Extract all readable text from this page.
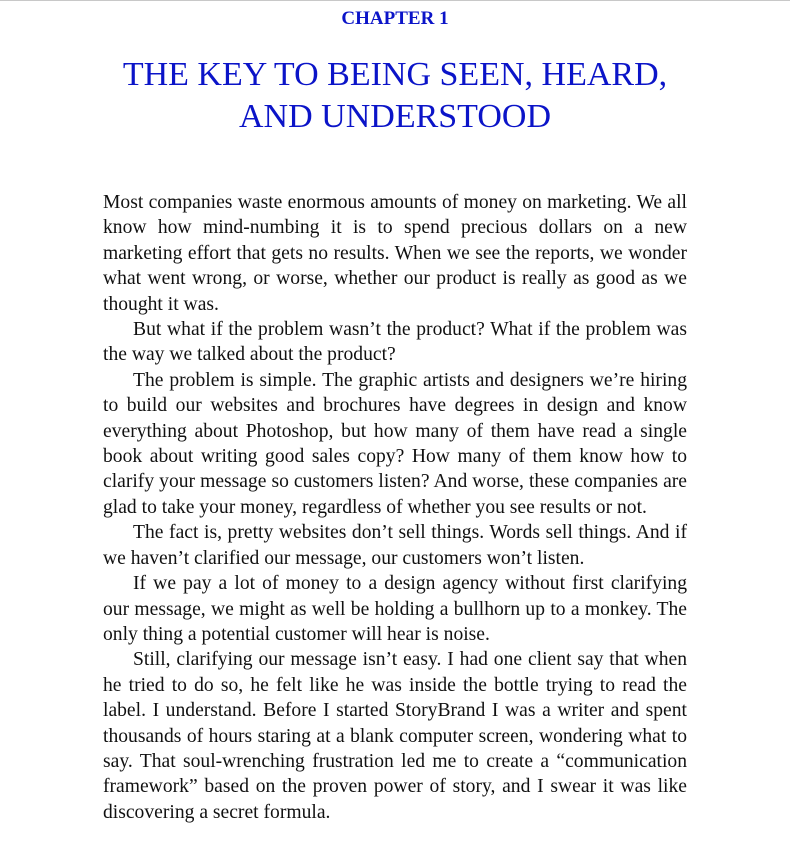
CHAPTER 1
THE KEY TO BEING SEEN, HEARD, AND UNDERSTOOD

Most companies waste enormous amounts of money on marketing. We all know how mind-numbing it is to spend precious dollars on a new marketing effort that gets no results. When we see the reports, we wonder what went wrong, or worse, whether our product is really as good as we thought it was.

But what if the problem wasn’t the product? What if the problem was the way we talked about the product?

The problem is simple. The graphic artists and designers we’re hiring to build our websites and brochures have degrees in design and know everything about Photoshop, but how many of them have read a single book about writing good sales copy? How many of them know how to clarify your message so customers listen? And worse, these companies are glad to take your money, regardless of whether you see results or not.

The fact is, pretty websites don’t sell things. Words sell things. And if we haven’t clarified our message, our customers won’t listen.

If we pay a lot of money to a design agency without first clarifying our message, we might as well be holding a bullhorn up to a monkey. The only thing a potential customer will hear is noise.

Still, clarifying our message isn’t easy. I had one client say that when he tried to do so, he felt like he was inside the bottle trying to read the label. I understand. Before I started StoryBrand I was a writer and spent thousands of hours staring at a blank computer screen, wondering what to say. That soul-wrenching frustration led me to create a “communication framework” based on the proven power of story, and I swear it was like discovering a secret formula.
